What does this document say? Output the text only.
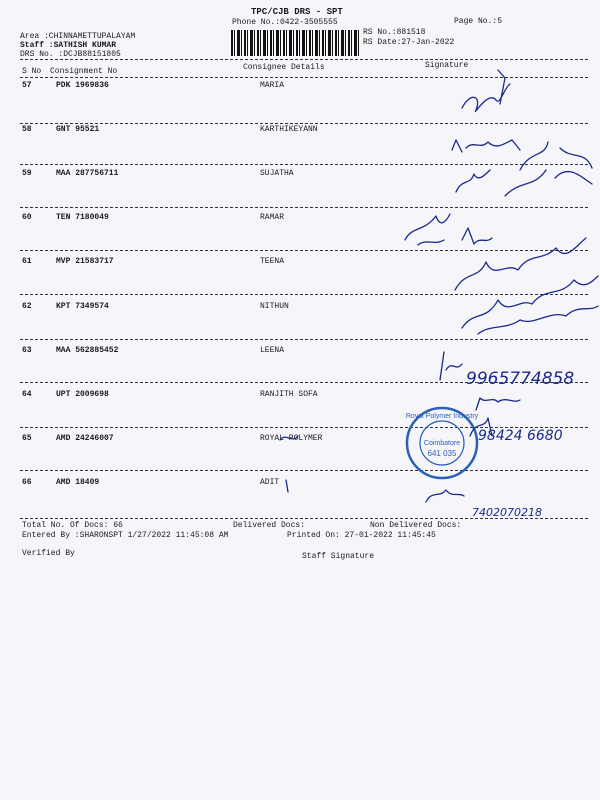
TPC/CJB DRS - SPT
Phone No.:0422-3505555	Page No.:5
RS No.:881518
RS Date:27-Jan-2022
Area :CHINNAMETTUPALAYAM
Staff :SATHISH KUMAR
DRS No. :DCJB88151805
S No Consignment No	Consignee Details	Signature
57	PDK 1969836	MARIA
58	GNT 95521	KARTHIKEYANN
59	MAA 287756711	SUJATHA
60	TEN 7180049	RAMAR
61	MVP 21583717	TEENA
62	KPT 7349574	NITHUN
63	MAA 562885452	LEENA
64	UPT 2009698	RANJITH SOFA
65	AMD 24246007	ROYAL POLYMER
66	AMD 18409	ADIT
Total No. Of Docs: 66	Delivered Docs:	Non Delivered Docs:
Entered By :SHARONSPT 1/27/2022 11:45:08 AM	Printed On: 27-01-2022 11:45:45
Verified By	Staff Signature
Royal Polymer Industry
Coimbatore
641 035
9965774858
98424 6680
7402070218
